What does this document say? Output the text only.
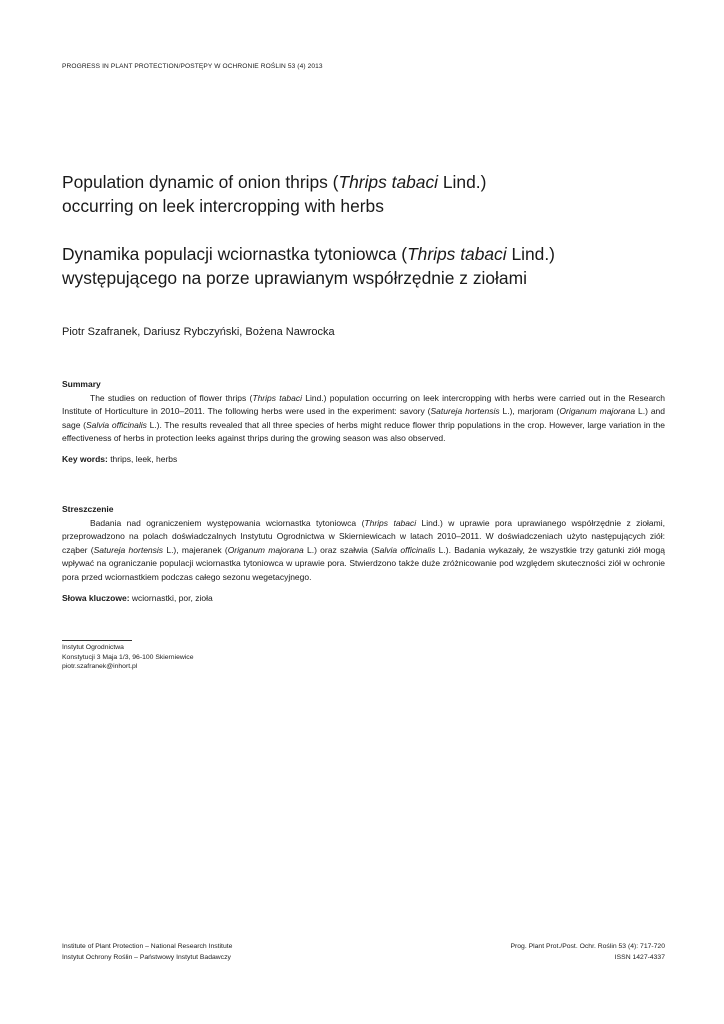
PROGRESS IN PLANT PROTECTION/POSTĘPY W OCHRONIE ROŚLIN 53 (4) 2013
Population dynamic of onion thrips (Thrips tabaci Lind.)
occurring on leek intercropping with herbs
Dynamika populacji wciornastka tytoniowca (Thrips tabaci Lind.)
występującego na porze uprawianym współrzędnie z ziołami
Piotr Szafranek, Dariusz Rybczyński, Bożena Nawrocka
Summary

The studies on reduction of flower thrips (Thrips tabaci Lind.) population occurring on leek intercropping with herbs were carried out in the Research Institute of Horticulture in 2010–2011. The following herbs were used in the experiment: savory (Satureja hortensis L.), marjoram (Origanum majorana L.) and sage (Salvia officinalis L.). The results revealed that all three species of herbs might reduce flower thrip populations in the crop. However, large variation in the effectiveness of herbs in protection leeks against thrips during the growing season was also observed.

Key words: thrips, leek, herbs
Streszczenie

Badania nad ograniczeniem występowania wciornastka tytoniowca (Thrips tabaci Lind.) w uprawie pora uprawianego współrzędnie z ziołami, przeprowadzono na polach doświadczalnych Instytutu Ogrodnictwa w Skierniewicach w latach 2010–2011. W doświadczeniach użyto następujących ziół: cząber (Satureja hortensis L.), majeranek (Origanum majorana L.) oraz szałwia (Salvia officinalis L.). Badania wykazały, że wszystkie trzy gatunki ziół mogą wpływać na ograniczanie populacji wciornastka tytoniowca w uprawie pora. Stwierdzono także duże zróżnicowanie pod względem skuteczności ziół w ochronie pora przed wciornastkiem podczas całego sezonu wegetacyjnego.

Słowa kluczowe: wciornastki, por, zioła
Instytut Ogrodnictwa
Konstytucji 3 Maja 1/3, 96-100 Skierniewice
piotr.szafranek@inhort.pl
Institute of Plant Protection – National Research Institute
Instytut Ochrony Roślin – Państwowy Instytut Badawczy
Prog. Plant Prot./Post. Ochr. Roślin 53 (4): 717-720
ISSN 1427-4337
